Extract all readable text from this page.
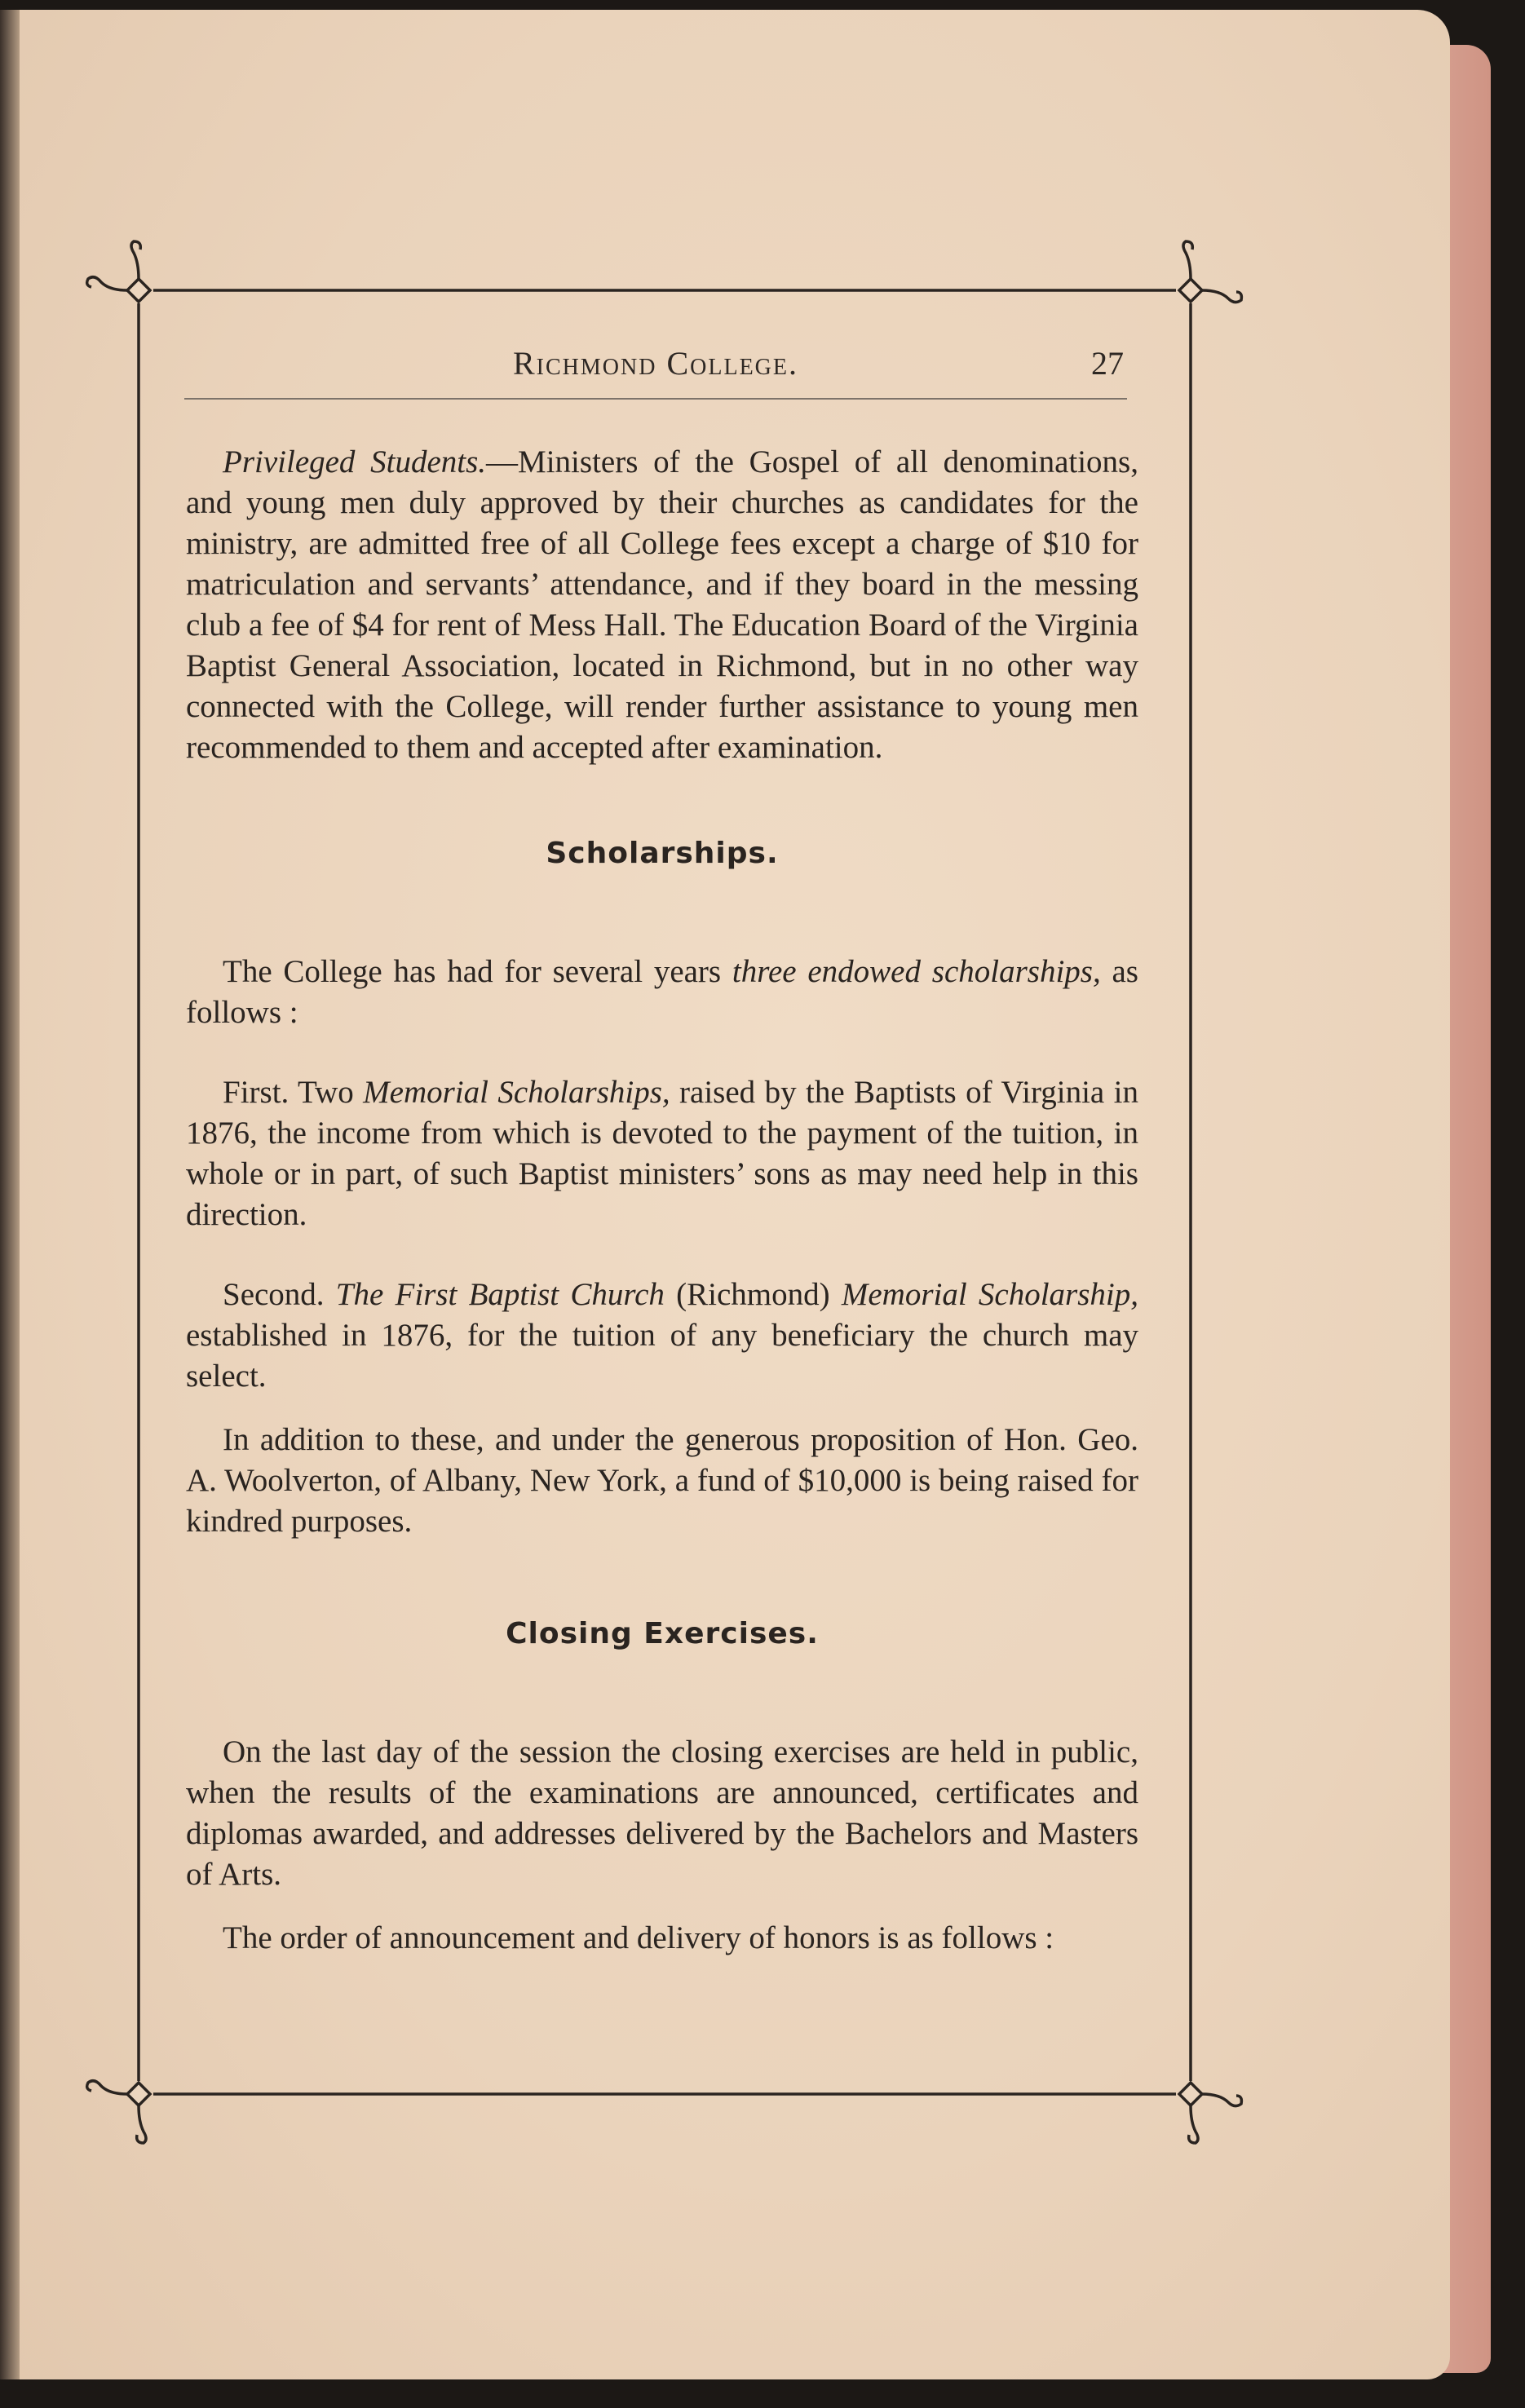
Richmond College.	27

Privileged Students.—Ministers of the Gospel of all denominations, and young men duly approved by their churches as candidates for the ministry, are admitted free of all College fees except a charge of $10 for matriculation and servants’ attendance, and if they board in the messing club a fee of $4 for rent of Mess Hall. The Education Board of the Virginia Baptist General Association, located in Richmond, but in no other way connected with the College, will render further assistance to young men recommended to them and accepted after examination.

Scholarships.

The College has had for several years three endowed scholarships, as follows :

First. Two Memorial Scholarships, raised by the Baptists of Virginia in 1876, the income from which is devoted to the payment of the tuition, in whole or in part, of such Baptist ministers’ sons as may need help in this direction.

Second. The First Baptist Church (Richmond) Memorial Scholarship, established in 1876, for the tuition of any beneficiary the church may select.

In addition to these, and under the generous proposition of Hon. Geo. A. Woolverton, of Albany, New York, a fund of $10,000 is being raised for kindred purposes.

Closing Exercises.

On the last day of the session the closing exercises are held in public, when the results of the examinations are announced, certificates and diplomas awarded, and addresses delivered by the Bachelors and Masters of Arts.

The order of announcement and delivery of honors is as follows :
